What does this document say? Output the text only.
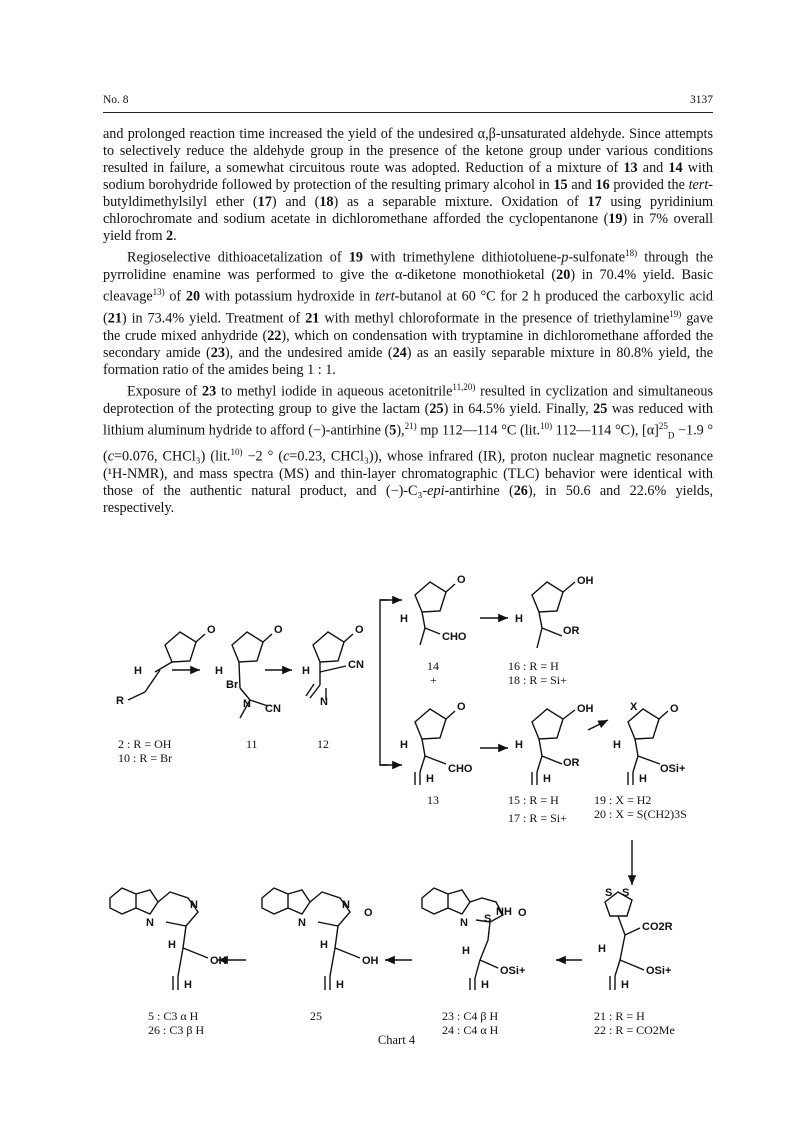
No. 8	3137

and prolonged reaction time increased the yield of the undesired α,β-unsaturated aldehyde. Since attempts to selectively reduce the aldehyde group in the presence of the ketone group under various conditions resulted in failure, a somewhat circuitous route was adopted. Reduction of a mixture of 13 and 14 with sodium borohydride followed by protection of the resulting primary alcohol in 15 and 16 provided the tert-butyldimethylsilyl ether (17) and (18) as a separable mixture. Oxidation of 17 using pyridinium chlorochromate and sodium acetate in dichloromethane afforded the cyclopentanone (19) in 7% overall yield from 2.

Regioselective dithioacetalization of 19 with trimethylene dithiotoluene-p-sulfonate$^{18)}$ through the pyrrolidine enamine was performed to give the α-diketone monothioketal (20) in 70.4% yield. Basic cleavage$^{13)}$ of 20 with potassium hydroxide in tert-butanol at 60 °C for 2 h produced the carboxylic acid (21) in 73.4% yield. Treatment of 21 with methyl chloroformate in the presence of triethylamine$^{19)}$ gave the crude mixed anhydride (22), which on condensation with tryptamine in dichloromethane afforded the secondary amide (23), and the undesired amide (24) as an easily separable mixture in 80.8% yield, the formation ratio of the amides being 1 : 1.

Exposure of 23 to methyl iodide in aqueous acetonitrile$^{11,20)}$ resulted in cyclization and simultaneous deprotection of the protecting group to give the lactam (25) in 64.5% yield. Finally, 25 was reduced with lithium aluminum hydride to afford (−)-antirhine (5),$^{21)}$ mp 112—114 °C (lit.$^{10)}$ 112—114 °C), $[\alpha]^{25}_D -1.9$ ° (c=0.076, CHCl₃) (lit.$^{10)}$ −2 ° (c=0.23, CHCl₃)), whose infrared (IR), proton nuclear magnetic resonance (¹H-NMR), and mass spectra (MS) and thin-layer chromatographic (TLC) behavior were identical with those of the authentic natural product, and (−)-C₃-epi-antirhine (26), in 50.6 and 22.6% yields, respectively.

O
H
R
O
H
Br
N CN
O
H	CN
N
O
H
CHO
OH
H
OR
O
H
CHO
H
OH
H
OR
H
O
X
H
OSi+
H
S S
CO2R
H
OSi+
H
N S
NH O
H
OSi+
H
N
N
O
H
OH
H
N
N
H
OH
H
2 : R = OH
10 : R = Br
11	12
14
+
16 : R = H
18 : R = Si+
13	15 : R = H
17 : R = Si+
19 : X = H2
20 : X = S(CH2)3S
5 : C3 α H
26 : C3 β H
25	23 : C4 β H
24 : C4 α H
21 : R = H
22 : R = CO2Me
Chart 4
